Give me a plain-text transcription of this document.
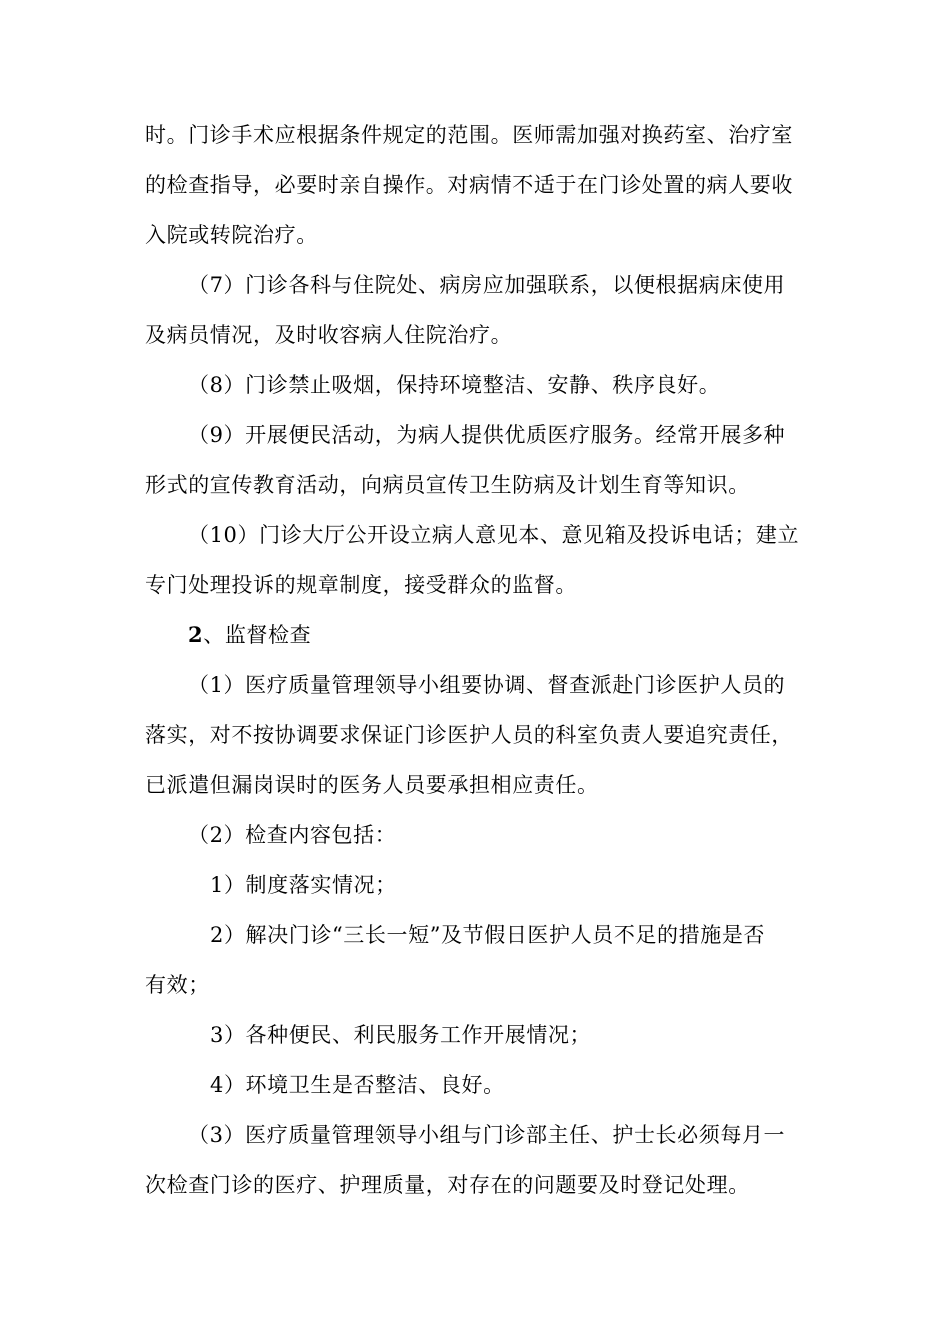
时。门诊手术应根据条件规定的范围。医师需加强对换药室、治疗室
的检查指导，必要时亲自操作。对病情不适于在门诊处置的病人要收
入院或转院治疗。
（7）门诊各科与住院处、病房应加强联系，以便根据病床使用
及病员情况，及时收容病人住院治疗。
（8）门诊禁止吸烟，保持环境整洁、安静、秩序良好。
（9）开展便民活动，为病人提供优质医疗服务。经常开展多种
形式的宣传教育活动，向病员宣传卫生防病及计划生育等知识。
（10）门诊大厅公开设立病人意见本、意见箱及投诉电话；建立
专门处理投诉的规章制度，接受群众的监督。
2、监督检查
（1）医疗质量管理领导小组要协调、督查派赴门诊医护人员的
落实，对不按协调要求保证门诊医护人员的科室负责人要追究责任，
已派遣但漏岗误时的医务人员要承担相应责任。
（2）检查内容包括：
1）制度落实情况；
2）解决门诊“三长一短”及节假日医护人员不足的措施是否
有效；
3）各种便民、利民服务工作开展情况；
4）环境卫生是否整洁、良好。
（3）医疗质量管理领导小组与门诊部主任、护士长必须每月一
次检查门诊的医疗、护理质量，对存在的问题要及时登记处理。
